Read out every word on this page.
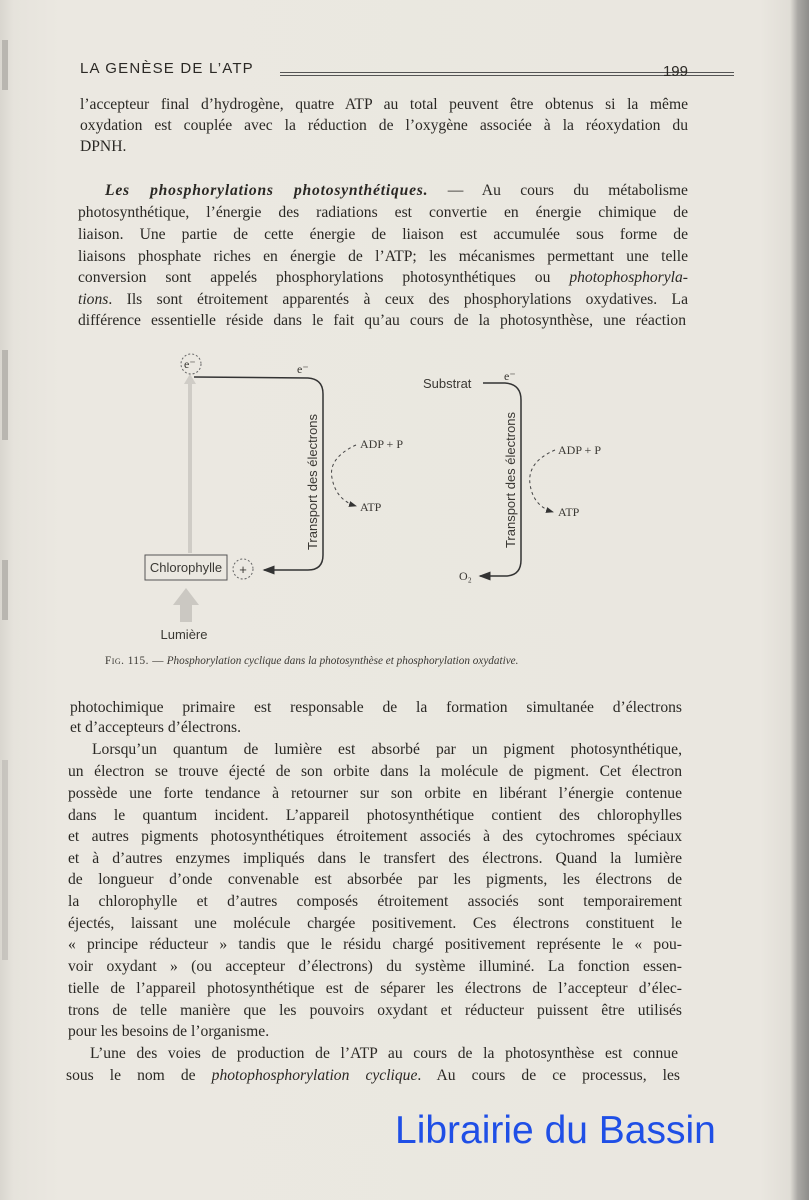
LA GENÈSE DE L’ATP	199
l’accepteur final d’hydrogène, quatre ATP au total peuvent être obtenus si la même
oxydation est couplée avec la réduction de l’oxygène associée à la réoxydation du
DPNH.
Les phosphorylations photosynthétiques. — Au cours du métabolisme
photosynthétique, l’énergie des radiations est convertie en énergie chimique de
liaison. Une partie de cette énergie de liaison est accumulée sous forme de
liaisons phosphate riches en énergie de l’ATP; les mécanismes permettant une telle
conversion sont appelés phosphorylations photosynthétiques ou photophosphoryla-
tions. Ils sont étroitement apparentés à ceux des phosphorylations oxydatives. La
différence essentielle réside dans le fait qu’au cours de la photosynthèse, une réaction
e⁻	e⁻
Transport des électrons	ADP + P
ATP
Chlorophylle +
Lumière
Substrat	e⁻
Transport des électrons	ADP + P
ATP
O₂
Fig. 115. — Phosphorylation cyclique dans la photosynthèse et phosphorylation oxydative.
photochimique primaire est responsable de la formation simultanée d’électrons
et d’accepteurs d’électrons.
Lorsqu’un quantum de lumière est absorbé par un pigment photosynthétique,
un électron se trouve éjecté de son orbite dans la molécule de pigment. Cet électron
possède une forte tendance à retourner sur son orbite en libérant l’énergie contenue
dans le quantum incident. L’appareil photosynthétique contient des chlorophylles
et autres pigments photosynthétiques étroitement associés à des cytochromes spéciaux
et à d’autres enzymes impliqués dans le transfert des électrons. Quand la lumière
de longueur d’onde convenable est absorbée par les pigments, les électrons de
la chlorophylle et d’autres composés étroitement associés sont temporairement
éjectés, laissant une molécule chargée positivement. Ces électrons constituent le
« principe réducteur » tandis que le résidu chargé positivement représente le « pou-
voir oxydant » (ou accepteur d’électrons) du système illuminé. La fonction essen-
tielle de l’appareil photosynthétique est de séparer les électrons de l’accepteur d’élec-
trons de telle manière que les pouvoirs oxydant et réducteur puissent être utilisés
pour les besoins de l’organisme.
L’une des voies de production de l’ATP au cours de la photosynthèse est connue
sous le nom de photophosphorylation cyclique. Au cours de ce processus, les
Librairie du Bassin
